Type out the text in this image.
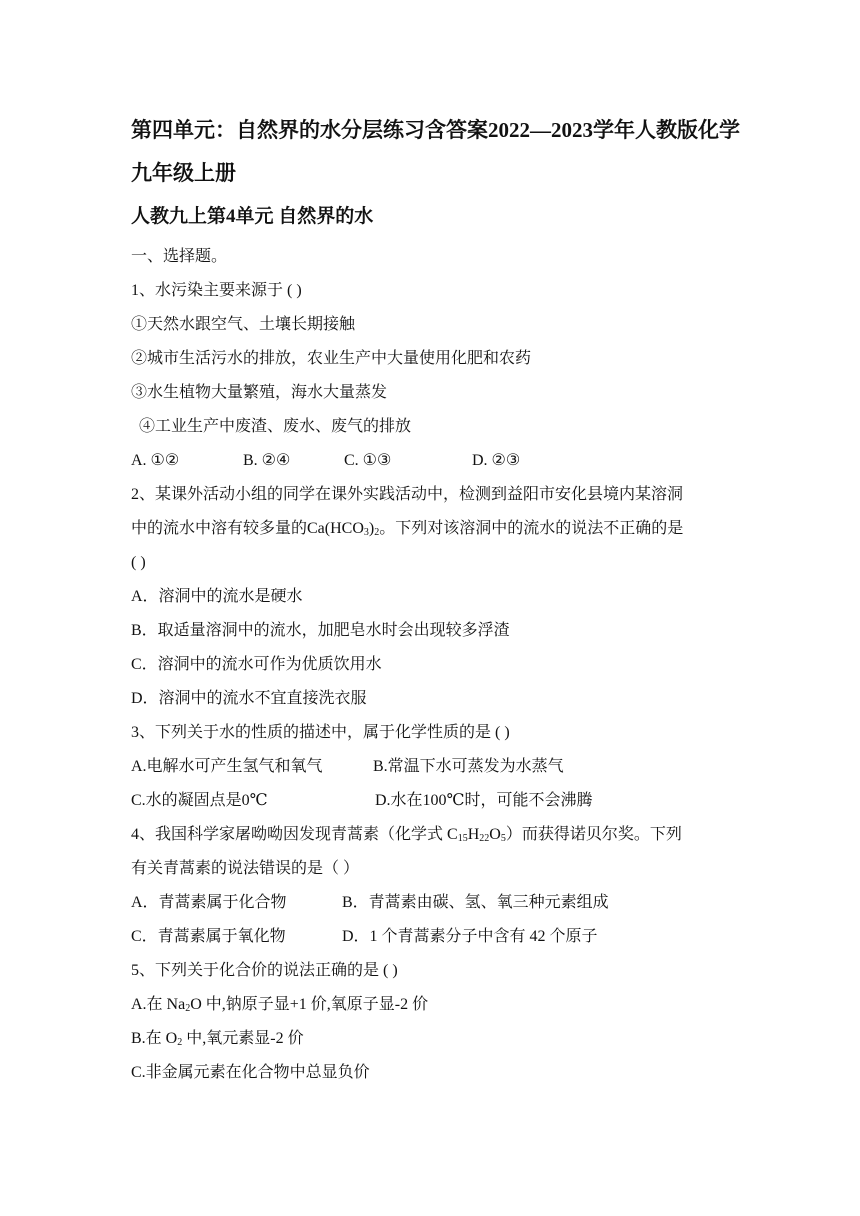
第四单元：自然界的水分层练习含答案2022—2023学年人教版化学
九年级上册
人教九上第4单元 自然界的水
一、选择题。
1、水污染主要来源于 ( )
①天然水跟空气、土壤长期接触
②城市生活污水的排放，农业生产中大量使用化肥和农药
③水生植物大量繁殖，海水大量蒸发
④工业生产中废渣、废水、废气的排放
A. ①②	B. ②④	C. ①③	D. ②③
2、某课外活动小组的同学在课外实践活动中，检测到益阳市安化县境内某溶洞
中的流水中溶有较多量的$Ca(HCO_3)_2$。下列对该溶洞中的流水的说法不正确的是
( )
A．溶洞中的流水是硬水
B．取适量溶洞中的流水，加肥皂水时会出现较多浮渣
C．溶洞中的流水可作为优质饮用水
D．溶洞中的流水不宜直接洗衣服
3、下列关于水的性质的描述中，属于化学性质的是 ( )
A.电解水可产生氢气和氧气	B.常温下水可蒸发为水蒸气
C.水的凝固点是0℃	D.水在100℃时，可能不会沸腾
4、我国科学家屠呦呦因发现青蒿素（化学式 $C_{15}H_{22}O_5$）而获得诺贝尔奖。下列
有关青蒿素的说法错误的是（ ）
A．青蒿素属于化合物	B．青蒿素由碳、氢、氧三种元素组成
C．青蒿素属于氧化物	D．1 个青蒿素分子中含有 42 个原子
5、下列关于化合价的说法正确的是 ( )
A.在 $Na_2O$ 中,钠原子显+1 价,氧原子显-2 价
B.在 $O_2$ 中,氧元素显-2 价
C.非金属元素在化合物中总显负价
